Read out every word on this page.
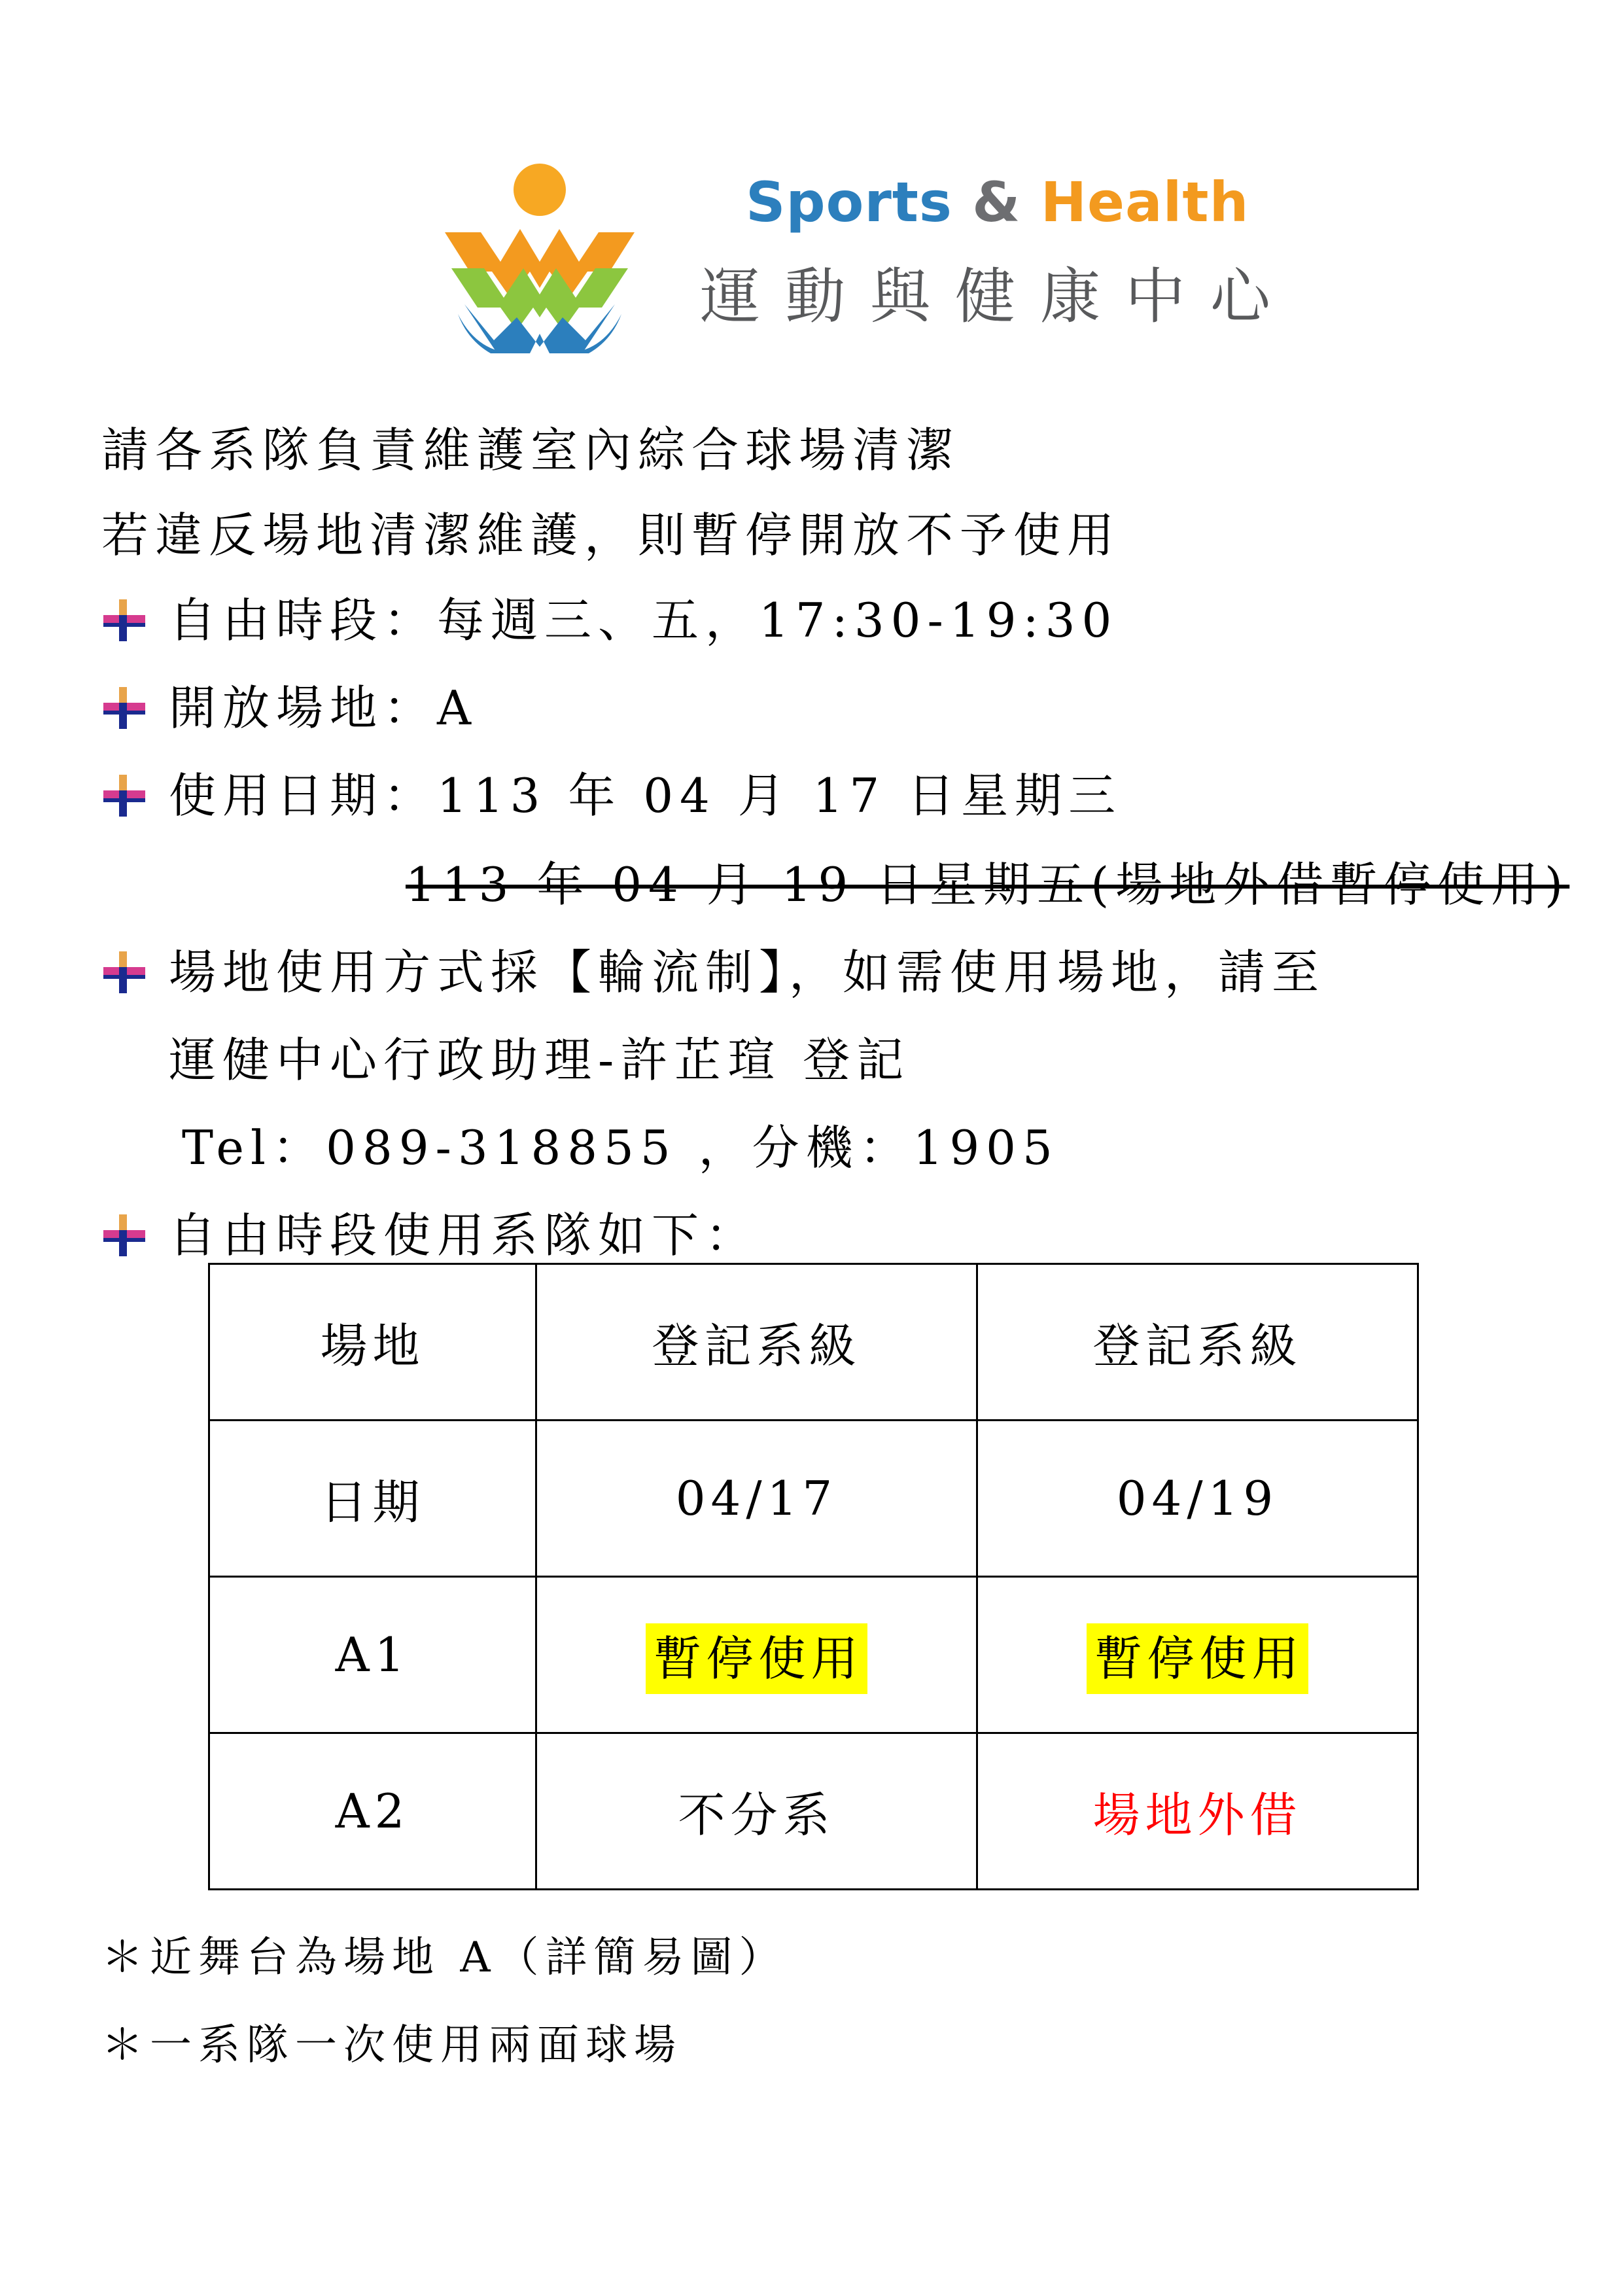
Sports & Health
運動與健康中心
請各系隊負責維護室內綜合球場清潔
若違反場地清潔維護，則暫停開放不予使用
自由時段：每週三、五，17:30-19:30
開放場地：A
使用日期：113 年 04 月 17 日星期三
113 年 04 月 19 日星期五(場地外借暫停使用)
場地使用方式採【輪流制】，如需使用場地，請至
運健中心行政助理-許芷瑄 登記
Tel：089-318855 ，分機：1905
自由時段使用系隊如下：
場地	登記系級	登記系級
日期	04/17	04/19
A1	暫停使用	暫停使用
A2	不分系	場地外借
＊近舞台為場地 A（詳簡易圖）
＊一系隊一次使用兩面球場
